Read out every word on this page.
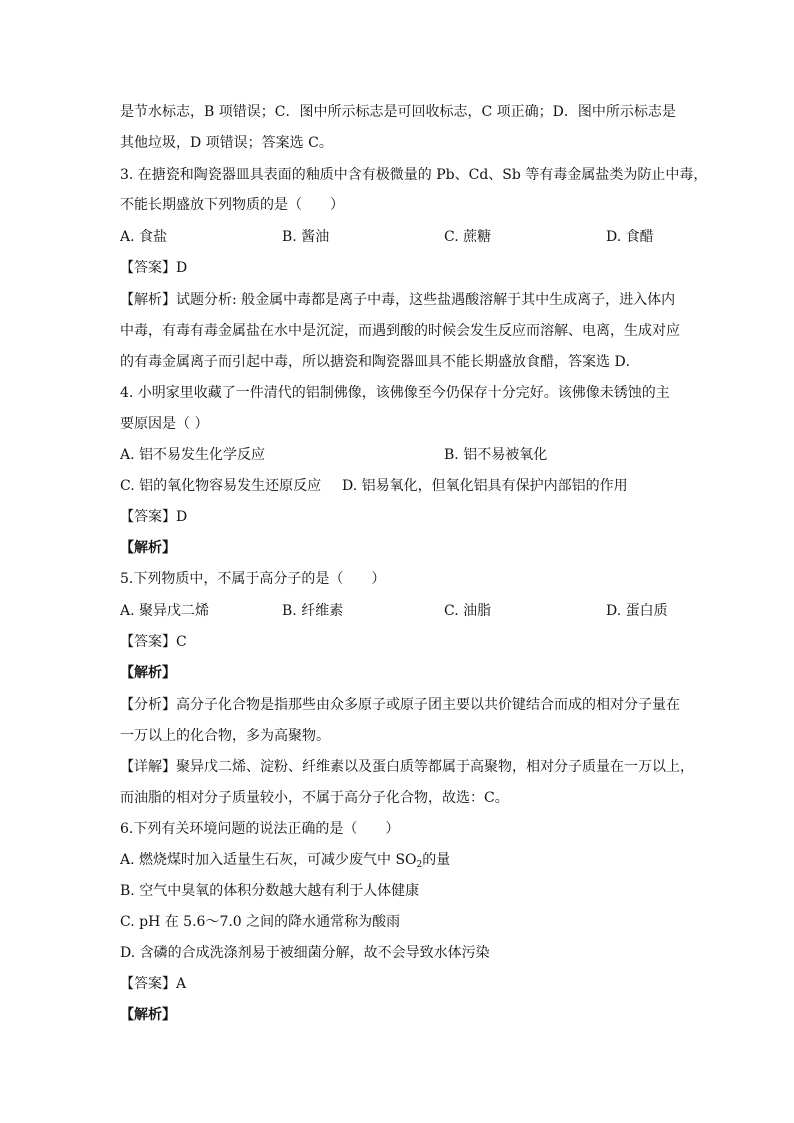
是节水标志，B 项错误；C．图中所示标志是可回收标志，C 项正确；D．图中所示标志是
其他垃圾，D 项错误；答案选 C。
3. 在搪瓷和陶瓷器皿具表面的釉质中含有极微量的 Pb、Cd、Sb 等有毒金属盐类为防止中毒，
不能长期盛放下列物质的是（　　）
A. 食盐	B. 酱油	C. 蔗糖	D. 食醋
【答案】D
【解析】试题分析: 般金属中毒都是离子中毒，这些盐遇酸溶解于其中生成离子，进入体内
中毒，有毒有毒金属盐在水中是沉淀，而遇到酸的时候会发生反应而溶解、电离，生成对应
的有毒金属离子而引起中毒，所以搪瓷和陶瓷器皿具不能长期盛放食醋，答案选 D．
4. 小明家里收藏了一件清代的铝制佛像，该佛像至今仍保存十分完好。该佛像未锈蚀的主
要原因是（ ）
A. 铝不易发生化学反应	B. 铝不易被氧化
C. 铝的氧化物容易发生还原反应 D. 铝易氧化，但氧化铝具有保护内部铝的作用
【答案】D
【解析】
5.下列物质中，不属于高分子的是（　　）
A. 聚异戊二烯	B. 纤维素	C. 油脂	D. 蛋白质
【答案】C
【解析】
【分析】高分子化合物是指那些由众多原子或原子团主要以共价键结合而成的相对分子量在
一万以上的化合物，多为高聚物。
【详解】聚异戊二烯、淀粉、纤维素以及蛋白质等都属于高聚物，相对分子质量在一万以上，
而油脂的相对分子质量较小，不属于高分子化合物，故选：C。
6.下列有关环境问题的说法正确的是（　　）
A. 燃烧煤时加入适量生石灰，可减少废气中 $SO_2$的量
B. 空气中臭氧的体积分数越大越有利于人体健康
C. pH 在 5.6～7.0 之间的降水通常称为酸雨
D. 含磷的合成洗涤剂易于被细菌分解，故不会导致水体污染
【答案】A
【解析】
